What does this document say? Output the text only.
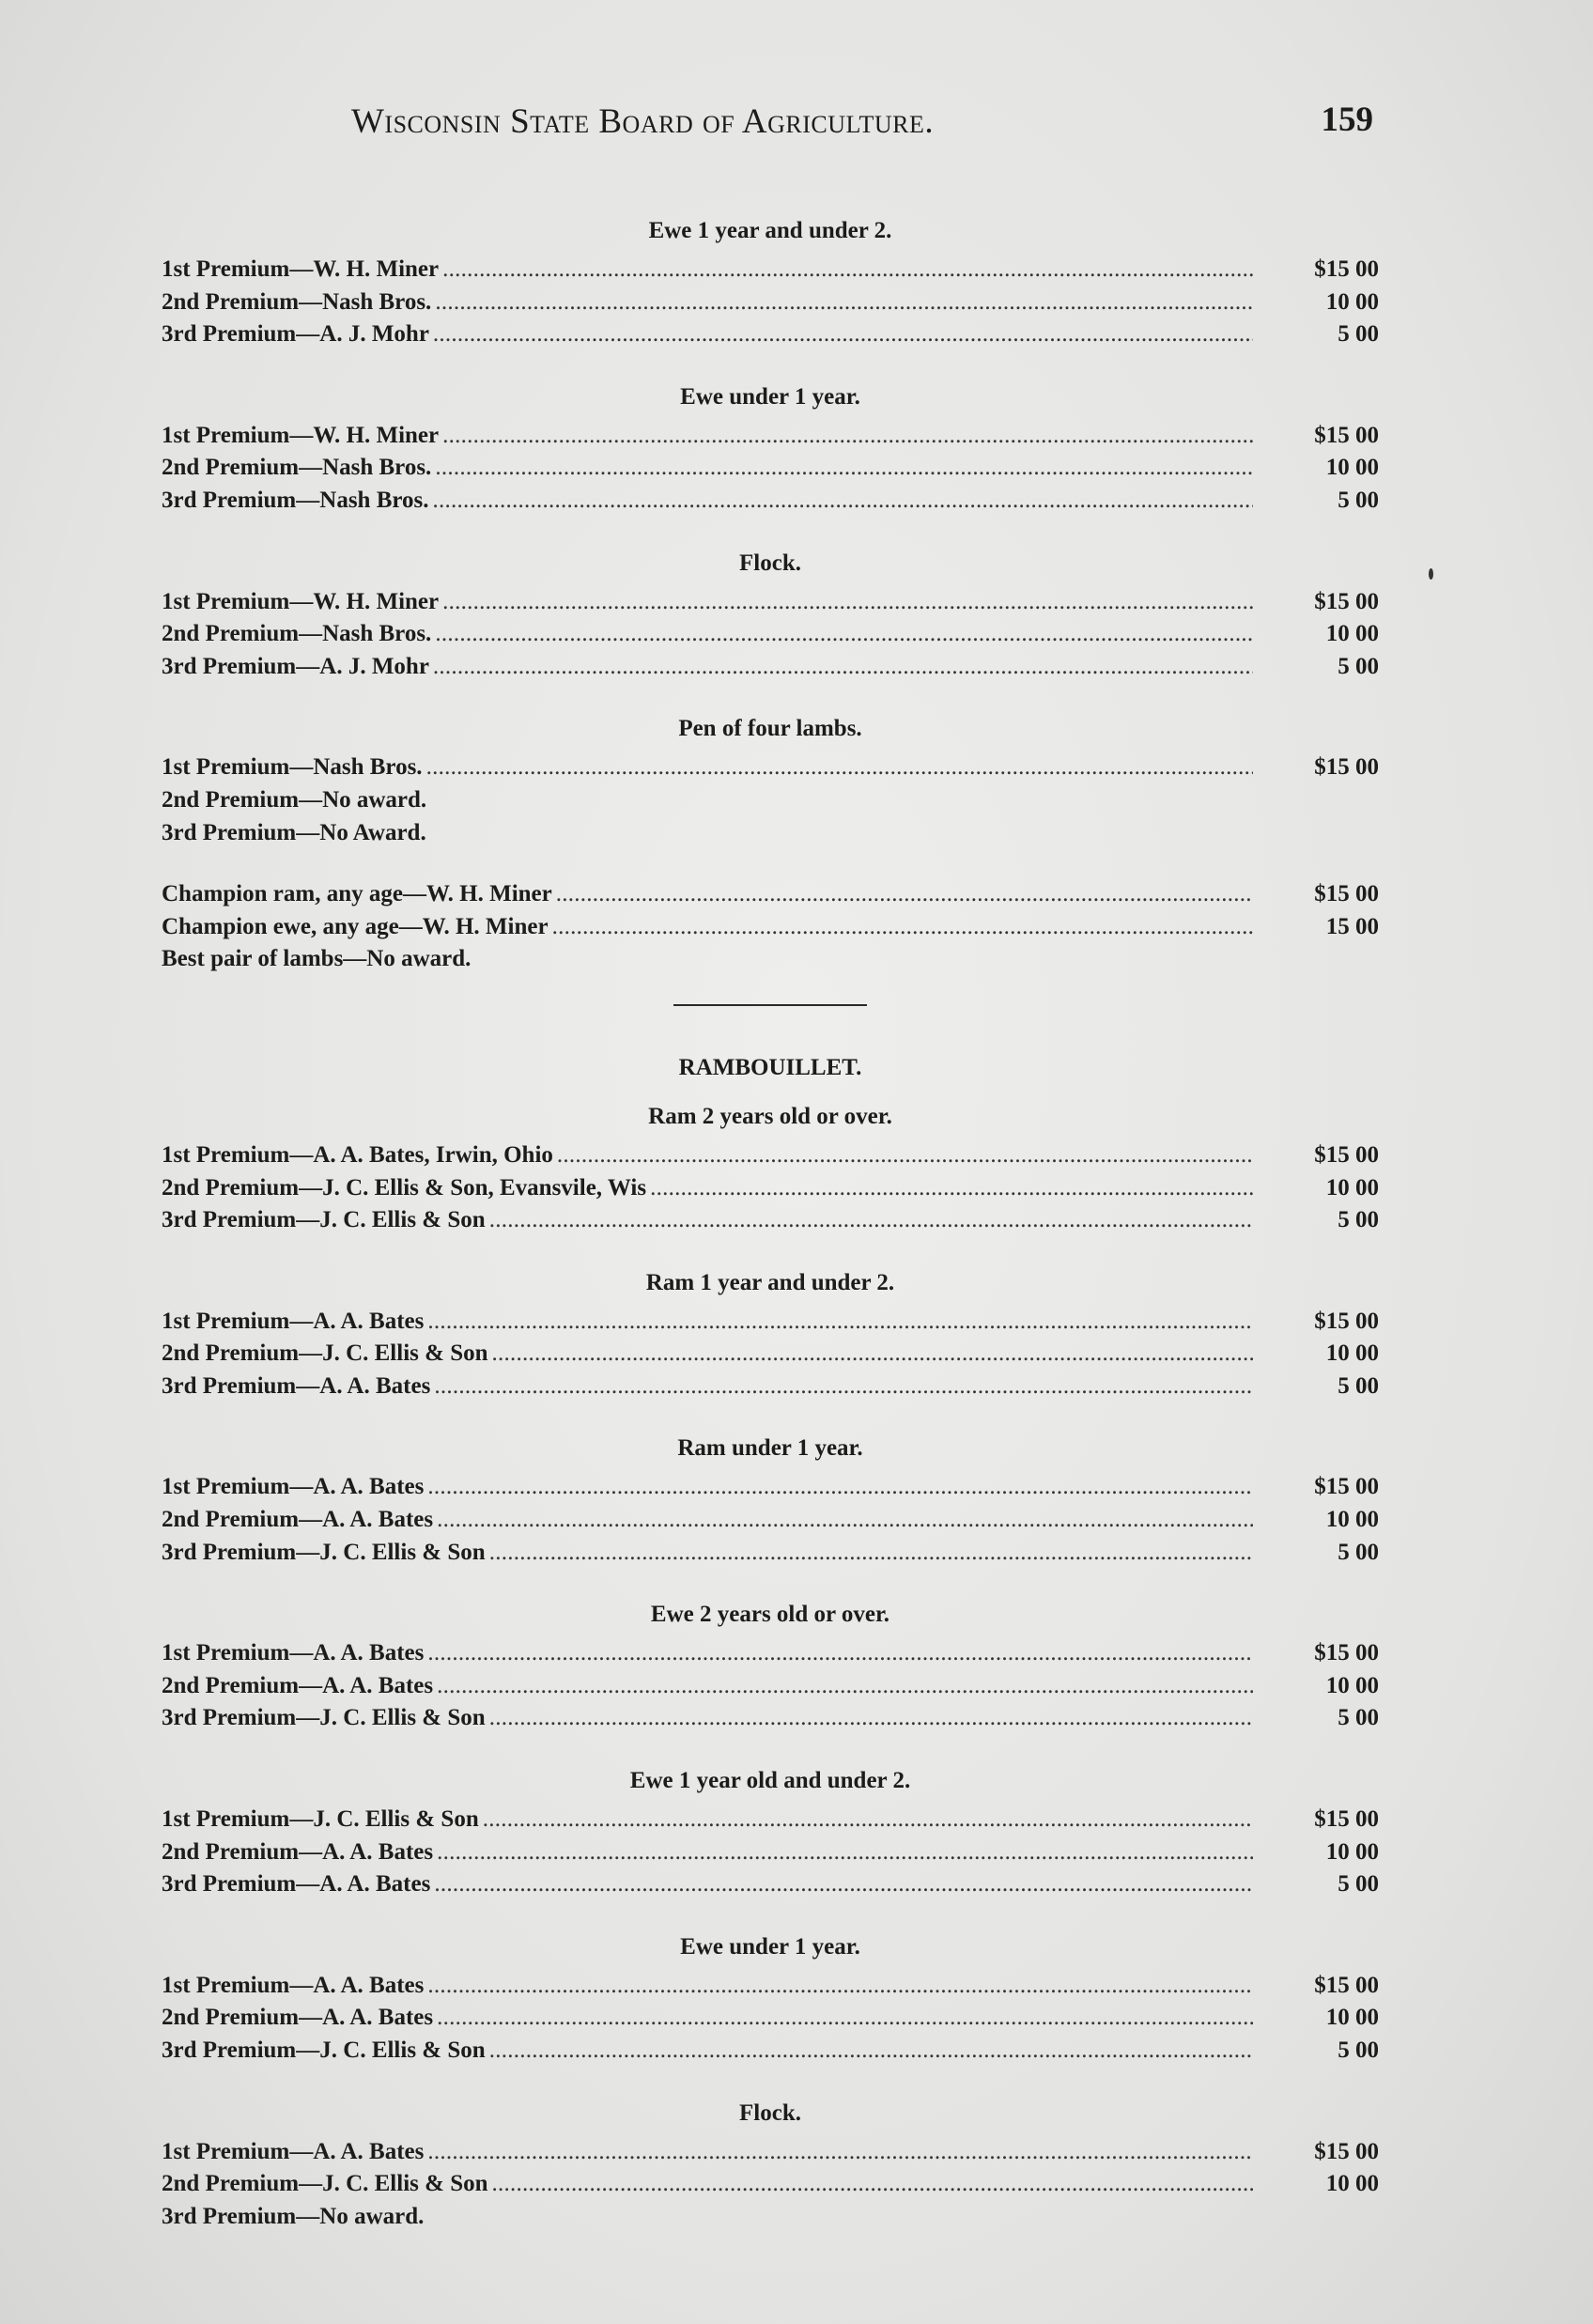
Wisconsin State Board of Agriculture.	159
Ewe 1 year and under 2.
1st Premium—W. H. Miner . . .	$15 00
2nd Premium—Nash Bros. . . .	10 00
3rd Premium—A. J. Mohr . . .	5 00
Ewe under 1 year.
1st Premium—W. H. Miner . . .	$15 00
2nd Premium—Nash Bros. . . .	10 00
3rd Premium—Nash Bros. . . .	5 00
Flock.
1st Premium—W. H. Miner . . .	$15 00
2nd Premium—Nash Bros. . . .	10 00
3rd Premium—A. J. Mohr . . .	5 00
Pen of four lambs.
1st Premium—Nash Bros. . . .	$15 00
2nd Premium—No award.
3rd Premium—No Award.
Champion ram, any age—W. H. Miner . . .	$15 00
Champion ewe, any age—W. H. Miner . . .	15 00
Best pair of lambs—No award.
RAMBOUILLET.
Ram 2 years old or over.
1st Premium—A. A. Bates, Irwin, Ohio . . .	$15 00
2nd Premium—J. C. Ellis & Son, Evansvile, Wis . . .	10 00
3rd Premium—J. C. Ellis & Son . . .	5 00
Ram 1 year and under 2.
1st Premium—A. A. Bates . . .	$15 00
2nd Premium—J. C. Ellis & Son . . .	10 00
3rd Premium—A. A. Bates . . .	5 00
Ram under 1 year.
1st Premium—A. A. Bates . . .	$15 00
2nd Premium—A. A. Bates . . .	10 00
3rd Premium—J. C. Ellis & Son . . .	5 00
Ewe 2 years old or over.
1st Premium—A. A. Bates . . .	$15 00
2nd Premium—A. A. Bates . . .	10 00
3rd Premium—J. C. Ellis & Son . . .	5 00
Ewe 1 year old and under 2.
1st Premium—J. C. Ellis & Son . . .	$15 00
2nd Premium—A. A. Bates . . .	10 00
3rd Premium—A. A. Bates . . .	5 00
Ewe under 1 year.
1st Premium—A. A. Bates . . .	$15 00
2nd Premium—A. A. Bates . . .	10 00
3rd Premium—J. C. Ellis & Son . . .	5 00
Flock.
1st Premium—A. A. Bates . . .	$15 00
2nd Premium—J. C. Ellis & Son . . .	10 00
3rd Premium—No award.
